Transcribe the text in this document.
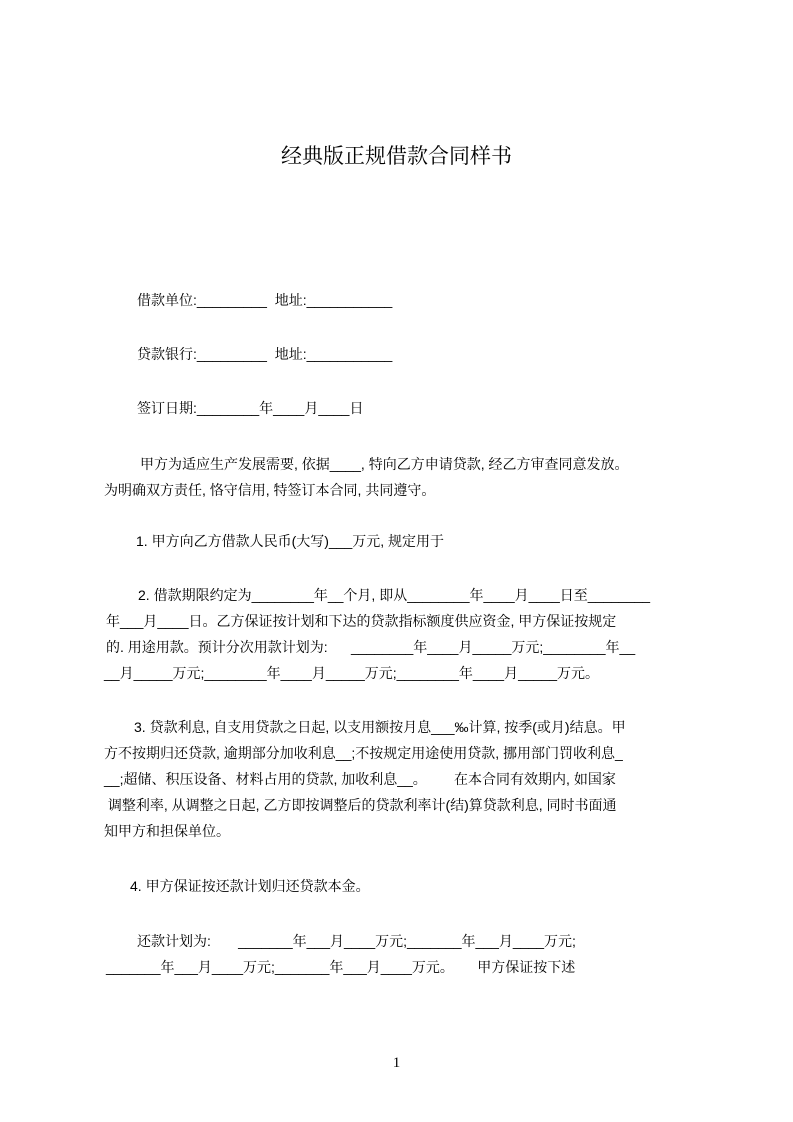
经典版正规借款合同样书
借款单位:_________  地址:___________
贷款银行:_________  地址:___________
签订日期:________年____月____日
甲方为适应生产发展需要, 依据____, 特向乙方申请贷款, 经乙方审查同意发放。
为明确双方责任, 恪守信用, 特签订本合同, 共同遵守。
1. 甲方向乙方借款人民币(大写)___万元, 规定用于
2. 借款期限约定为________年__个月, 即从________年____月____日至________
年___月____日。乙方保证按计划和下达的贷款指标额度供应资金, 甲方保证按规定
的. 用途用款。预计分次用款计划为:      ________年____月_____万元;________年__
__月_____万元;________年____月_____万元;________年____月_____万元。
3. 贷款利息, 自支用贷款之日起, 以支用额按月息___‰计算, 按季(或月)结息。甲
方不按期归还贷款, 逾期部分加收利息__;不按规定用途使用贷款, 挪用部门罚收利息_
__;超储、积压设备、材料占用的贷款, 加收利息__。       在本合同有效期内, 如国家
调整利率, 从调整之日起, 乙方即按调整后的贷款利率计(结)算贷款利息, 同时书面通
知甲方和担保单位。
4. 甲方保证按还款计划归还贷款本金。
还款计划为:       _______年___月____万元;_______年___月____万元;
_______年___月____万元;_______年___月____万元。      甲方保证按下述
1
